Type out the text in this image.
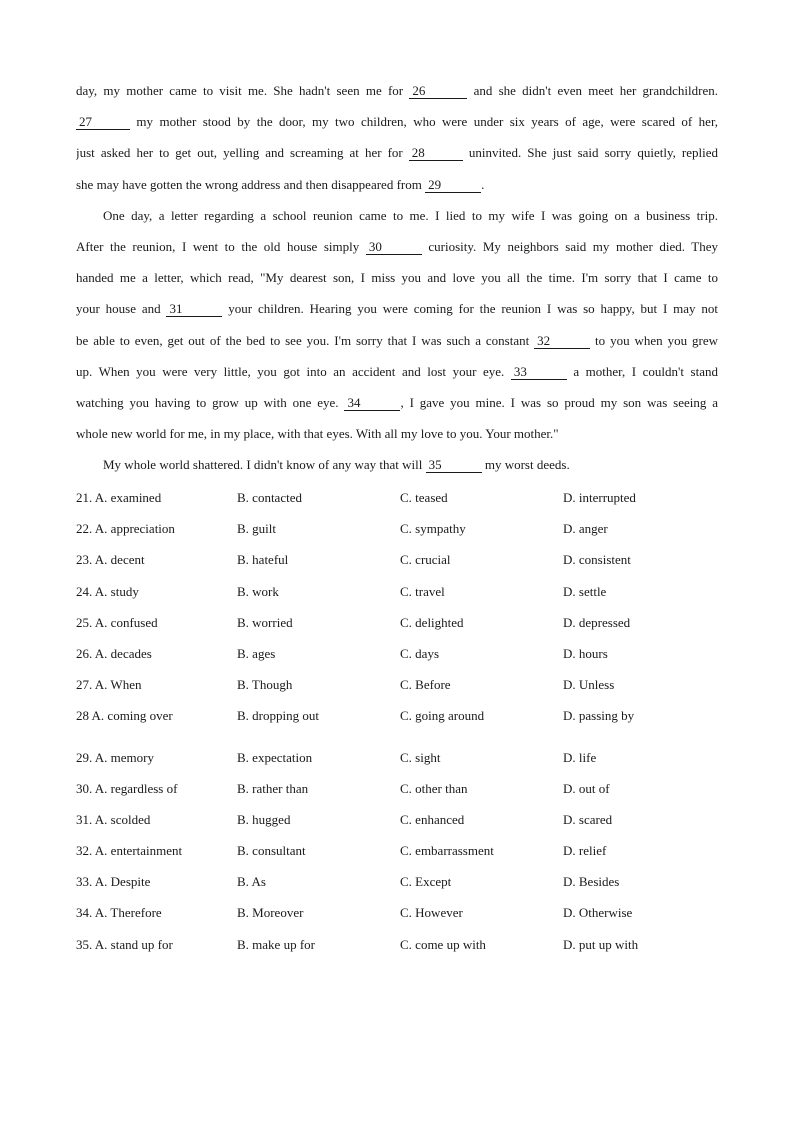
day, my mother came to visit me. She hadn't seen me for 26	and she didn't even meet her grandchildren.
27	my mother stood by the door, my two children, who were under six years of age, were scared of her,
just asked her to get out, yelling and screaming at her for 28	uninvited. She just said sorry quietly, replied
she may have gotten the wrong address and then disappeared from 29	.
One day, a letter regarding a school reunion came to me. I lied to my wife I was going on a business trip.
After the reunion, I went to the old house simply 30	curiosity. My neighbors said my mother died. They
handed me a letter, which read, "My dearest son, I miss you and love you all the time. I'm sorry that I came to
your house and 31	your children. Hearing you were coming for the reunion I was so happy, but I may not
be able to even, get out of the bed to see you. I'm sorry that I was such a constant 32	to you when you grew
up. When you were very little, you got into an accident and lost your eye. 33	a mother, I couldn't stand
watching you having to grow up with one eye. 34	, I gave you mine. I was so proud my son was seeing a
whole new world for me, in my place, with that eyes. With all my love to you. Your mother."
My whole world shattered. I didn't know of any way that will 35	my worst deeds.
21. A. examined	B. contacted	C. teased	D. interrupted
22. A. appreciation	B. guilt	C. sympathy	D. anger
23. A. decent	B. hateful	C. crucial	D. consistent
24. A. study	B. work	C. travel	D. settle
25. A. confused	B. worried	C. delighted	D. depressed
26. A. decades	B. ages	C. days	D. hours
27. A. When	B. Though	C. Before	D. Unless
28 A. coming over	B. dropping out	C. going around	D. passing by
29. A. memory	B. expectation	C. sight	D. life
30. A. regardless of	B. rather than	C. other than	D. out of
31. A. scolded	B. hugged	C. enhanced	D. scared
32. A. entertainment	B. consultant	C. embarrassment	D. relief
33. A. Despite	B. As	C. Except	D. Besides
34. A. Therefore	B. Moreover	C. However	D. Otherwise
35. A. stand up for	B. make up for	C. come up with	D. put up with
